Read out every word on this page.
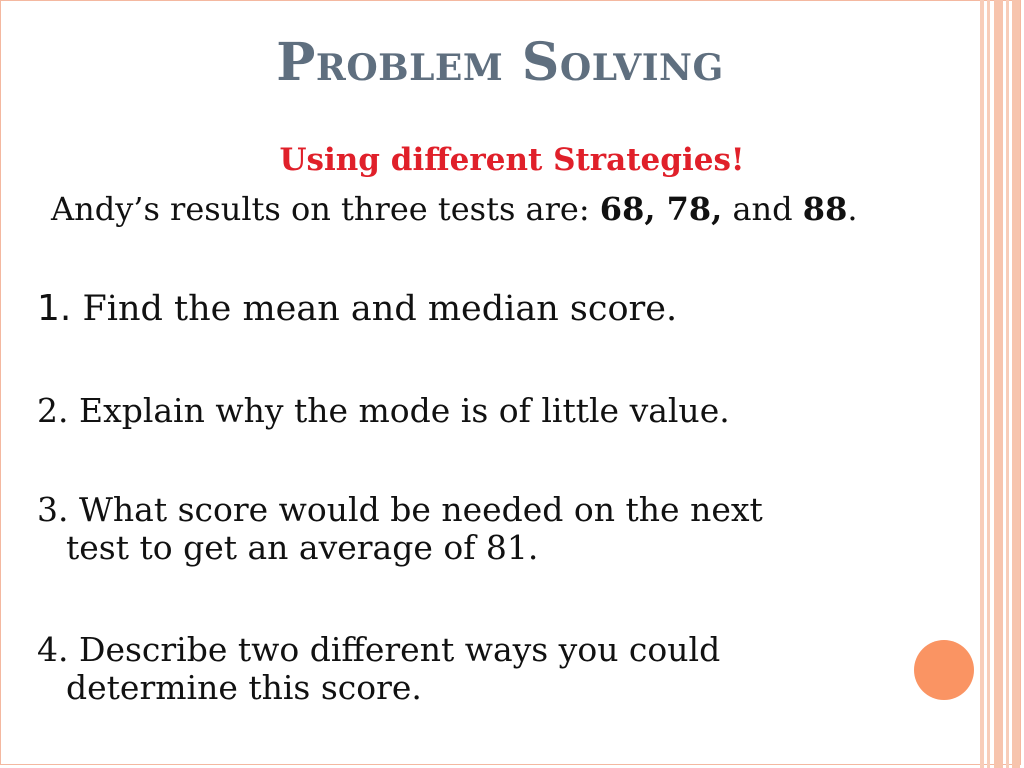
Problem Solving
Using different Strategies!
Andy’s results on three tests are: 68, 78, and 88.
1. Find the mean and median score.
2. Explain why the mode is of little value.
3. What score would be needed on the next
test to get an average of 81.
4. Describe two different ways you could
determine this score.
